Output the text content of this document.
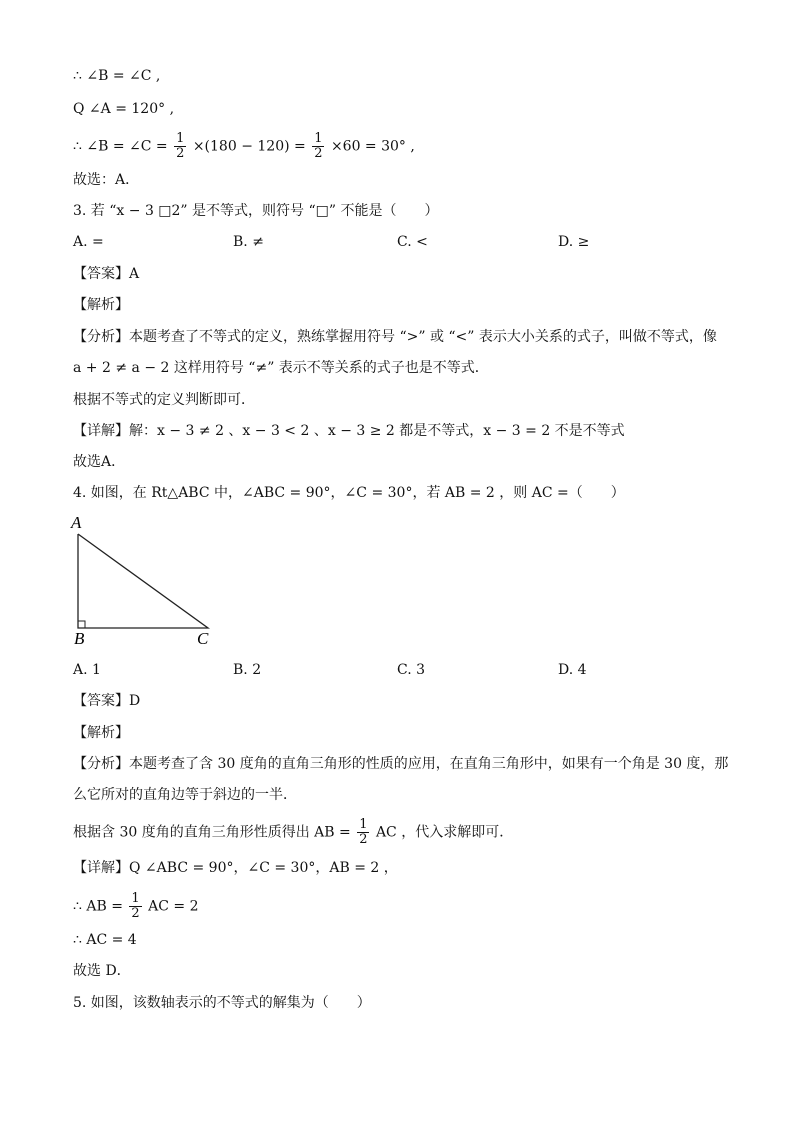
∴ ∠B = ∠C ,
Q ∠A = 120° ,
∴ ∠B = ∠C = $\frac{1}{2} \times(180 - 120) = \frac{1}{2} \times 60 = 30^\circ$ ,
故选：A．
3. 若 “x − 3 □2” 是不等式，则符号 “□” 不能是（　　）
A. =	B. ≠	C. <	D. ≥
【答案】A
【解析】
【分析】本题考查了不等式的定义，熟练掌握用符号 “>” 或 “<” 表示大小关系的式子，叫做不等式，像
a + 2 ≠ a − 2 这样用符号 “≠” 表示不等关系的式子也是不等式．
根据不等式的定义判断即可．
【详解】解：x − 3 ≠ 2 、x − 3 < 2 、x − 3 ≥ 2 都是不等式，x − 3 = 2 不是不等式
故选A．
4. 如图，在 Rt△ABC 中，∠ABC = 90°，∠C = 30°，若 AB = 2 ，则 AC =（　　）
A
B	C
A. 1	B. 2	C. 3	D. 4
【答案】D
【解析】
【分析】本题考查了含 30 度角的直角三角形的性质的应用，在直角三角形中，如果有一个角是 30 度，那
么它所对的直角边等于斜边的一半．
根据含 30 度角的直角三角形性质得出 AB = $\frac{1}{2}$ AC ，代入求解即可．
【详解】Q ∠ABC = 90°，∠C = 30°，AB = 2 ，
∴ AB = $\frac{1}{2}$ AC = 2
∴ AC = 4
故选 D．
5. 如图，该数轴表示的不等式的解集为（　　）
